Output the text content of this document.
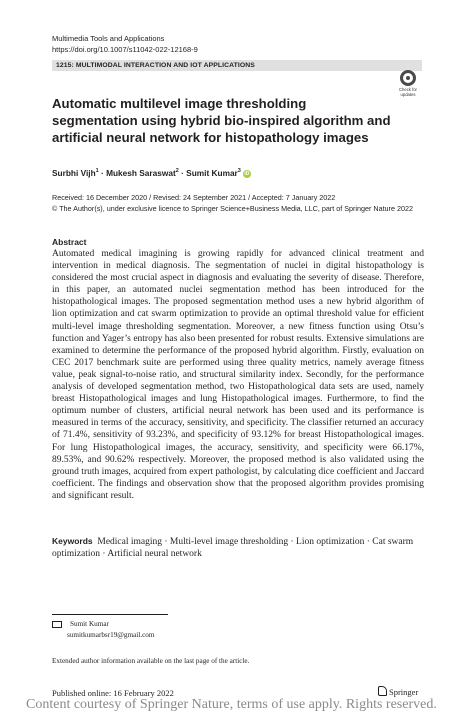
Multimedia Tools and Applications
https://doi.org/10.1007/s11042-022-12168-9
1215: MULTIMODAL INTERACTION AND IOT APPLICATIONS
Check for
updates
Automatic multilevel image thresholding segmentation using hybrid bio-inspired algorithm and artificial neural network for histopathology images
Surbhi Vijh$^1$ · Mukesh Saraswat$^2$ · Sumit Kumar$^3$ iD
Received: 16 December 2020 / Revised: 24 September 2021 / Accepted: 7 January 2022
© The Author(s), under exclusive licence to Springer Science+Business Media, LLC, part of Springer Nature 2022
Abstract
Automated medical imagining is growing rapidly for advanced clinical treatment and intervention in medical diagnosis. The segmentation of nuclei in digital histopathology is considered the most crucial aspect in diagnosis and evaluating the severity of disease. Therefore, in this paper, an automated nuclei segmentation method has been introduced for the histopathological images. The proposed segmentation method uses a new hybrid algorithm of lion optimization and cat swarm optimization to provide an optimal threshold value for efficient multi-level image thresholding segmentation. Moreover, a new fitness function using Otsu’s function and Yager’s entropy has also been presented for robust results. Extensive simulations are examined to determine the performance of the proposed hybrid algorithm. Firstly, evaluation on CEC 2017 benchmark suite are performed using three quality metrics, namely average fitness value, peak signal-to-noise ratio, and structural similarity index. Secondly, for the performance analysis of developed segmentation method, two Histopathological data sets are used, namely breast Histopathological images and lung Histopathological images. Furthermore, to find the optimum number of clusters, artificial neural network has been used and its performance is measured in terms of the accuracy, sensitivity, and specificity. The classifier returned an accuracy of 71.4%, sensitivity of 93.23%, and specificity of 93.12% for breast Histopathological images. For lung Histopathological images, the accuracy, sensitivity, and specificity were 66.17%, 89.53%, and 90.62% respectively. Moreover, the proposed method is also validated using the ground truth images, acquired from expert pathologist, by calculating dice coefficient and Jaccard coefficient. The findings and observation show that the proposed algorithm provides promising and significant result.
Keywords Medical imaging · Multi-level image thresholding · Lion optimization · Cat swarm optimization · Artificial neural network
Sumit Kumar
sumitkumarbsr19@gmail.com
Extended author information available on the last page of the article.
Published online: 16 February 2022	Springer
Content courtesy of Springer Nature, terms of use apply. Rights reserved.
